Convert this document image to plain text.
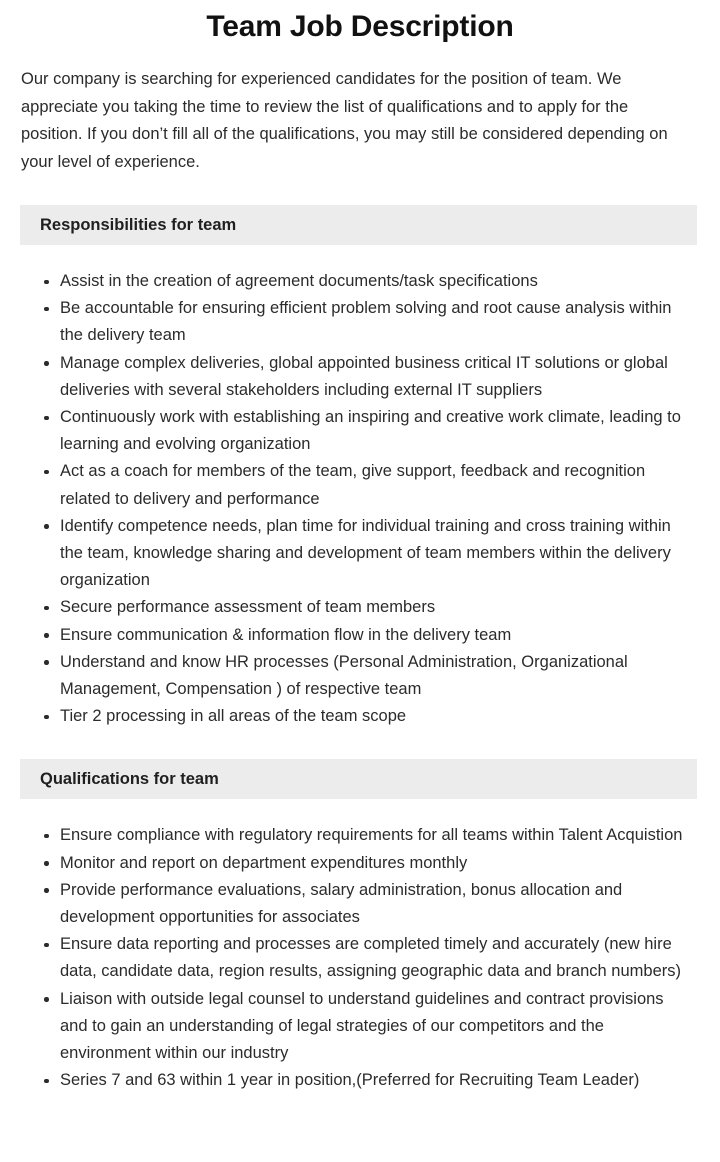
Team Job Description

Our company is searching for experienced candidates for the position of team. We appreciate you taking the time to review the list of qualifications and to apply for the position. If you don’t fill all of the qualifications, you may still be considered depending on your level of experience.

Responsibilities for team
Assist in the creation of agreement documents/task specifications
Be accountable for ensuring efficient problem solving and root cause analysis within the delivery team
Manage complex deliveries, global appointed business critical IT solutions or global deliveries with several stakeholders including external IT suppliers
Continuously work with establishing an inspiring and creative work climate, leading to learning and evolving organization
Act as a coach for members of the team, give support, feedback and recognition related to delivery and performance
Identify competence needs, plan time for individual training and cross training within the team, knowledge sharing and development of team members within the delivery organization
Secure performance assessment of team members
Ensure communication & information flow in the delivery team
Understand and know HR processes (Personal Administration, Organizational Management, Compensation ) of respective team
Tier 2 processing in all areas of the team scope
Qualifications for team
Ensure compliance with regulatory requirements for all teams within Talent Acquistion
Monitor and report on department expenditures monthly
Provide performance evaluations, salary administration, bonus allocation and development opportunities for associates
Ensure data reporting and processes are completed timely and accurately (new hire data, candidate data, region results, assigning geographic data and branch numbers)
Liaison with outside legal counsel to understand guidelines and contract provisions and to gain an understanding of legal strategies of our competitors and the environment within our industry
Series 7 and 63 within 1 year in position,(Preferred for Recruiting Team Leader)
